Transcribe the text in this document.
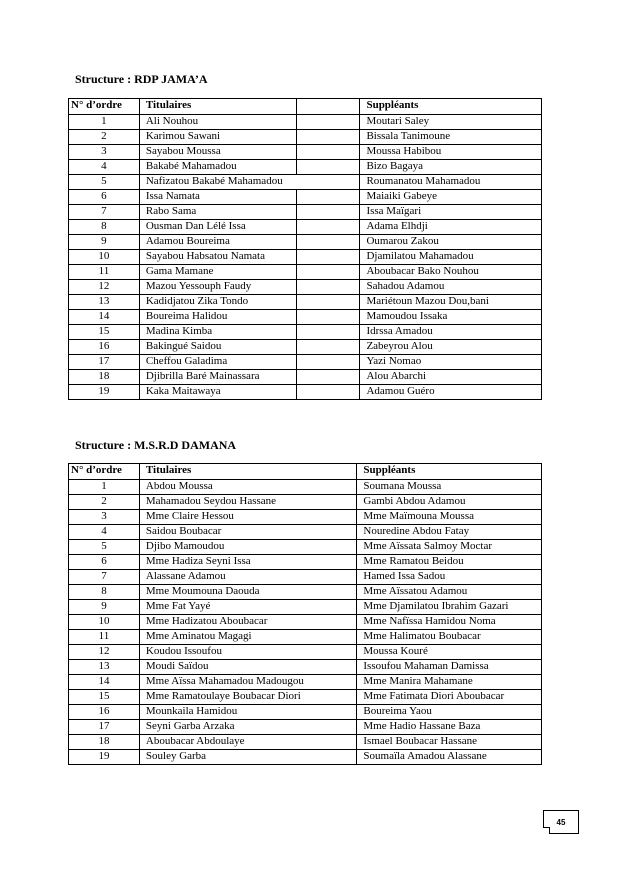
Structure : RDP JAMA’A
N° d’ordre	Titulaires		Suppléants
1	Ali Nouhou		Moutari Saley
2	Karimou Sawani		Bissala Tanimoune
3	Sayabou Moussa		Moussa Habibou
4	Bakabé Mahamadou		Bizo Bagaya
5	Nafizatou Bakabé Mahamadou		Roumanatou Mahamadou
6	Issa Namata		Maiaiki Gabeye
7	Rabo Sama		Issa Maïgari
8	Ousman Dan Lélé Issa		Adama Elhdji
9	Adamou Boureima		Oumarou Zakou
10	Sayabou Habsatou Namata		Djamilatou Mahamadou
11	Gama Mamane		Aboubacar Bako Nouhou
12	Mazou Yessouph Faudy		Sahadou Adamou
13	Kadidjatou Zika Tondo		Mariétoun Mazou Dou,bani
14	Boureima Halidou		Mamoudou Issaka
15	Madina Kimba		Idrssa Amadou
16	Bakingué Saidou		Zabeyrou Alou
17	Cheffou Galadima		Yazi Nomao
18	Djibrilla Baré Mainassara		Alou Abarchi
19	Kaka Maitawaya		Adamou Guéro
Structure : M.S.R.D DAMANA
N° d’ordre	Titulaires	Suppléants
1	Abdou Moussa	Soumana Moussa
2	Mahamadou Seydou Hassane	Gambi Abdou Adamou
3	Mme Claire Hessou	Mme Maïmouna Moussa
4	Saidou Boubacar	Nouredine Abdou Fatay
5	Djibo Mamoudou	Mme Aïssata Salmoy Moctar
6	Mme Hadiza Seyni Issa	Mme Ramatou Beidou
7	Alassane Adamou	Hamed Issa Sadou
8	Mme Moumouna Daouda	Mme Aïssatou Adamou
9	Mme Fat Yayé	Mme Djamilatou Ibrahim Gazari
10	Mme Hadizatou Aboubacar	Mme Nafïssa Hamidou Noma
11	Mme Aminatou Magagi	Mme Halimatou Boubacar
12	Koudou Issoufou	Moussa Kouré
13	Moudi Saïdou	Issoufou Mahaman Damissa
14	Mme Aïssa Mahamadou Madougou	Mme Manira Mahamane
15	Mme Ramatoulaye Boubacar Diori	Mme Fatimata Diori Aboubacar
16	Mounkaila Hamidou	Boureima Yaou
17	Seyni Garba Arzaka	Mme Hadio Hassane Baza
18	Aboubacar Abdoulaye	Ismael Boubacar Hassane
19	Souley Garba	Soumaïla Amadou Alassane
45
